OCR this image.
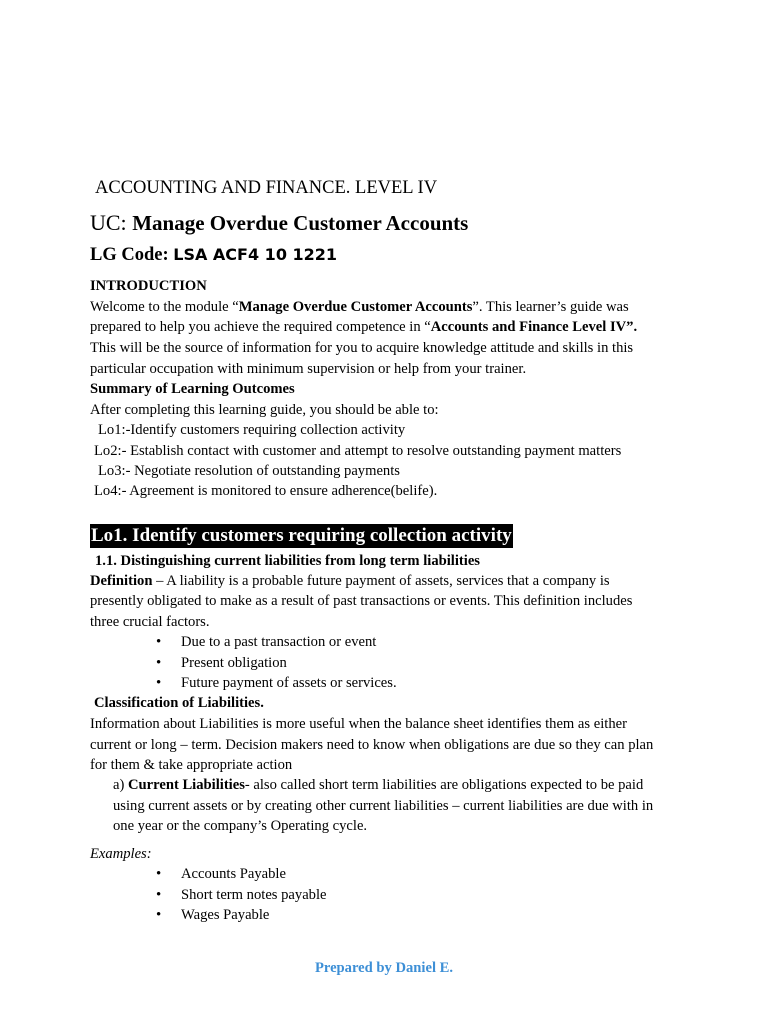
ACCOUNTING AND FINANCE. LEVEL IV
UC: Manage Overdue Customer Accounts
LG Code: LSA ACF4 10 1221
INTRODUCTION
Welcome to the module “Manage Overdue Customer Accounts”. This learner’s guide was
prepared to help you achieve the required competence in “Accounts and Finance Level IV”.
This will be the source of information for you to acquire knowledge attitude and skills in this
particular occupation with minimum supervision or help from your trainer.
Summary of Learning Outcomes
After completing this learning guide, you should be able to:
Lo1:-Identify customers requiring collection activity
Lo2:- Establish contact with customer and attempt to resolve outstanding payment matters
Lo3:- Negotiate resolution of outstanding payments
Lo4:- Agreement is monitored to ensure adherence(belife).
Lo1. Identify customers requiring collection activity
1.1. Distinguishing current liabilities from long term liabilities
Definition – A liability is a probable future payment of assets, services that a company is
presently obligated to make as a result of past transactions or events. This definition includes
three crucial factors.
• Due to a past transaction or event
• Present obligation
• Future payment of assets or services.
Classification of Liabilities.
Information about Liabilities is more useful when the balance sheet identifies them as either
current or long – term. Decision makers need to know when obligations are due so they can plan
for them & take appropriate action
a) Current Liabilities- also called short term liabilities are obligations expected to be paid
using current assets or by creating other current liabilities – current liabilities are due with in
one year or the company’s Operating cycle.
Examples:
• Accounts Payable
• Short term notes payable
• Wages Payable
Prepared by Daniel E.
